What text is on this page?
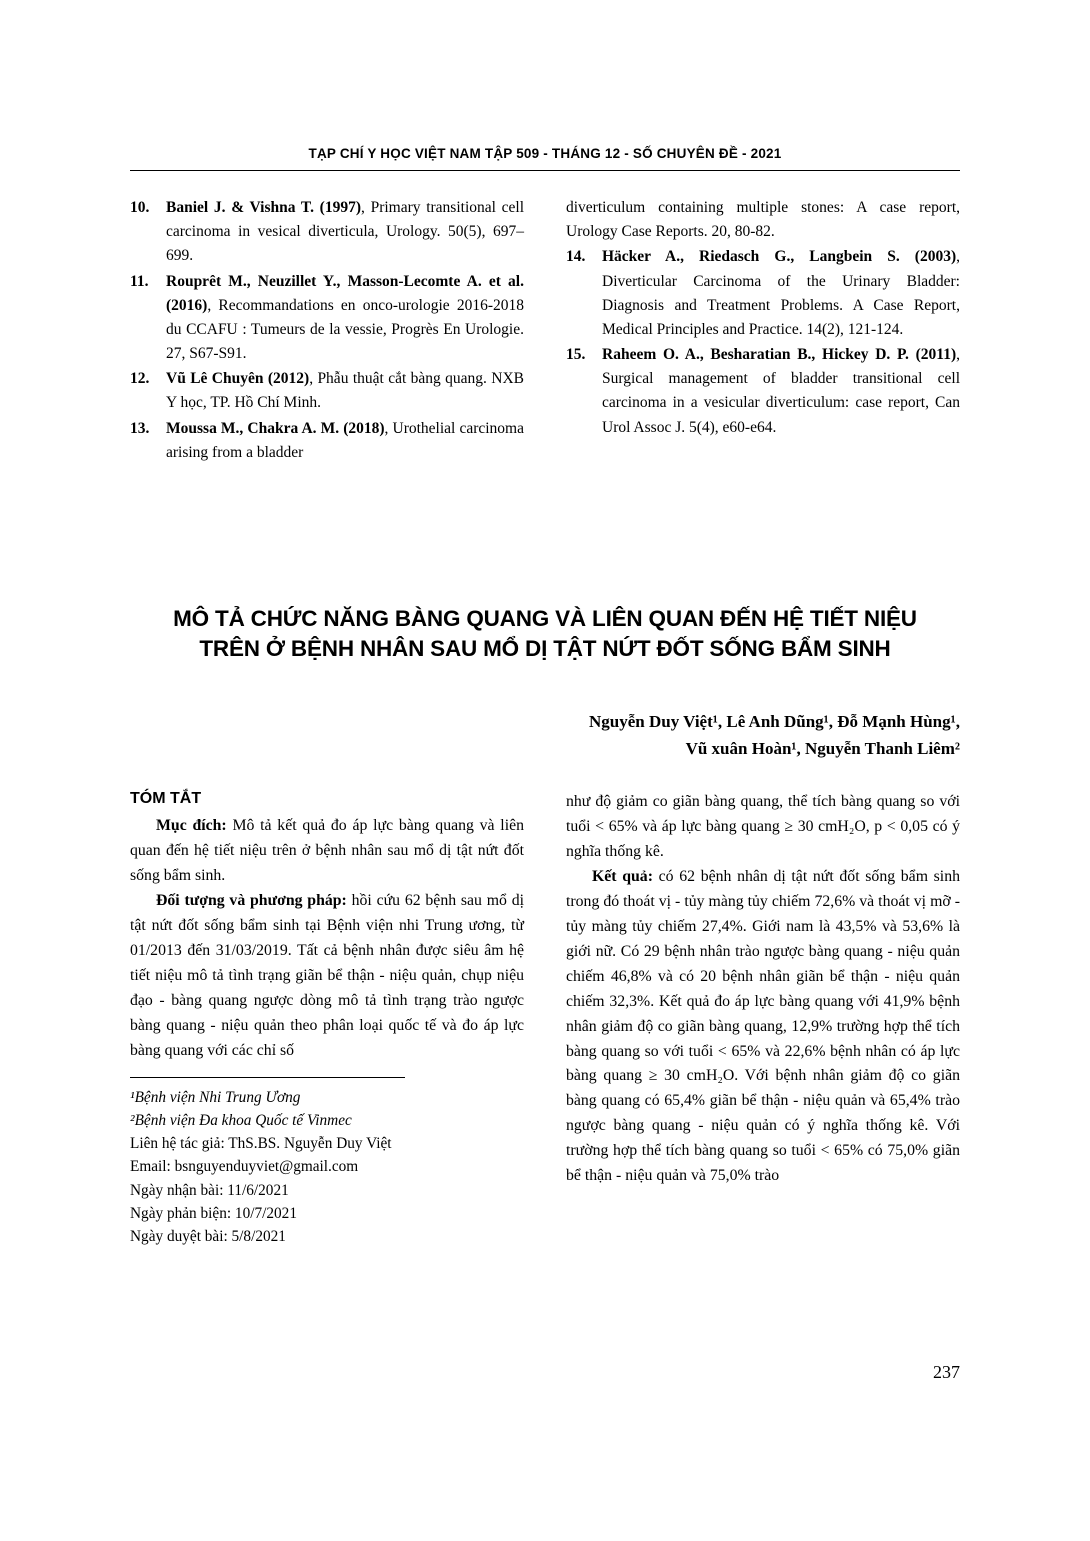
TẠP CHÍ Y HỌC VIỆT NAM TẬP 509 - THÁNG 12 - SỐ CHUYÊN ĐỀ - 2021
10. Baniel J. & Vishna T. (1997), Primary transitional cell carcinoma in vesical diverticula, Urology. 50(5), 697–699.
11. Rouprêt M., Neuzillet Y., Masson-Lecomte A. et al. (2016), Recommandations en onco-urologie 2016-2018 du CCAFU : Tumeurs de la vessie, Progrès En Urologie. 27, S67-S91.
12. Vũ Lê Chuyên (2012), Phẫu thuật cắt bàng quang. NXB Y học, TP. Hồ Chí Minh.
13. Moussa M., Chakra A. M. (2018), Urothelial carcinoma arising from a bladder
diverticulum containing multiple stones: A case report, Urology Case Reports. 20, 80-82.
14. Häcker A., Riedasch G., Langbein S. (2003), Diverticular Carcinoma of the Urinary Bladder: Diagnosis and Treatment Problems. A Case Report, Medical Principles and Practice. 14(2), 121-124.
15. Raheem O. A., Besharatian B., Hickey D. P. (2011), Surgical management of bladder transitional cell carcinoma in a vesicular diverticulum: case report, Can Urol Assoc J. 5(4), e60-e64.
MÔ TẢ CHỨC NĂNG BÀNG QUANG VÀ LIÊN QUAN ĐẾN HỆ TIẾT NIỆU
TRÊN Ở BỆNH NHÂN SAU MỔ DỊ TẬT NỨT ĐỐT SỐNG BẨM SINH
Nguyễn Duy Việt¹, Lê Anh Dũng¹, Đỗ Mạnh Hùng¹,
Vũ xuân Hoàn¹, Nguyễn Thanh Liêm²
TÓM TẮT

Mục đích: Mô tả kết quả đo áp lực bàng quang và liên quan đến hệ tiết niệu trên ở bệnh nhân sau mổ dị tật nứt đốt sống bẩm sinh.

Đối tượng và phương pháp: hồi cứu 62 bệnh sau mổ dị tật nứt đốt sống bẩm sinh tại Bệnh viện nhi Trung ương, từ 01/2013 đến 31/03/2019. Tất cả bệnh nhân được siêu âm hệ tiết niệu mô tả tình trạng giãn bể thận - niệu quản, chụp niệu đạo - bàng quang ngược dòng mô tả tình trạng trào ngược bàng quang - niệu quản theo phân loại quốc tế và đo áp lực bàng quang với các chỉ số

¹Bệnh viện Nhi Trung Ương
²Bệnh viện Đa khoa Quốc tế Vinmec
Liên hệ tác giả: ThS.BS. Nguyễn Duy Việt
Email: bsnguyenduyviet@gmail.com
Ngày nhận bài: 11/6/2021
Ngày phản biện: 10/7/2021
Ngày duyệt bài: 5/8/2021

như độ giảm co giãn bàng quang, thể tích bàng quang so với tuổi < 65% và áp lực bàng quang ≥ 30 cmH₂O, p < 0,05 có ý nghĩa thống kê.

Kết quả: có 62 bệnh nhân dị tật nứt đốt sống bẩm sinh trong đó thoát vị - tủy màng tủy chiếm 72,6% và thoát vị mỡ - tủy màng tủy chiếm 27,4%. Giới nam là 43,5% và 53,6% là giới nữ. Có 29 bệnh nhân trào ngược bàng quang - niệu quản chiếm 46,8% và có 20 bệnh nhân giãn bể thận - niệu quản chiếm 32,3%. Kết quả đo áp lực bàng quang với 41,9% bệnh nhân giảm độ co giãn bàng quang, 12,9% trường hợp thể tích bàng quang so với tuổi < 65% và 22,6% bệnh nhân có áp lực bàng quang ≥ 30 cmH₂O. Với bệnh nhân giảm độ co giãn bàng quang có 65,4% giãn bể thận - niệu quản và 65,4% trào ngược bàng quang - niệu quản có ý nghĩa thống kê. Với trường hợp thể tích bàng quang so tuổi < 65% có 75,0% giãn bể thận - niệu quản và 75,0% trào

237
